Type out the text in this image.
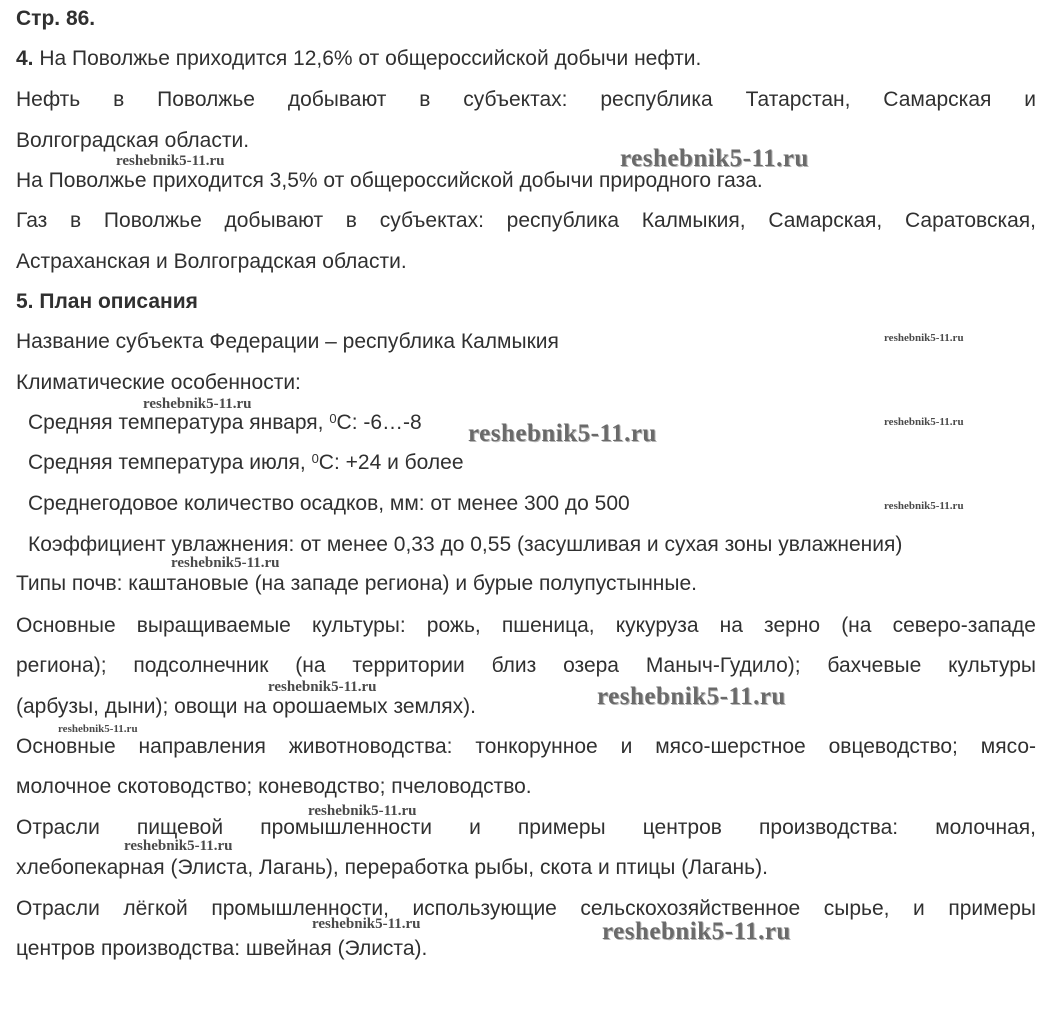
Стр. 86.
4. На Поволжье приходится 12,6% от общероссийской добычи нефти.
Нефть в Поволжье добывают в субъектах: республика Татарстан, Самарская и
Волгоградская области.
На Поволжье приходится 3,5% от общероссийской добычи природного газа.
Газ в Поволжье добывают в субъектах: республика Калмыкия, Самарская, Саратовская,
Астраханская и Волгоградская области.
5. План описания
Название субъекта Федерации – республика Калмыкия
Климатические особенности:
Средняя температура января, $^0$С: -6…-8
Средняя температура июля, $^0$С: +24 и более
Среднегодовое количество осадков, мм: от менее 300 до 500
Коэффициент увлажнения: от менее 0,33 до 0,55 (засушливая и сухая зоны увлажнения)
Типы почв: каштановые (на западе региона) и бурые полупустынные.
Основные выращиваемые культуры: рожь, пшеница, кукуруза на зерно (на северо-западе
региона); подсолнечник (на территории близ озера Маныч-Гудило); бахчевые культуры
(арбузы, дыни); овощи на орошаемых землях).
Основные направления животноводства: тонкорунное и мясо-шерстное овцеводство; мясо-
молочное скотоводство; коневодство; пчеловодство.
Отрасли пищевой промышленности и примеры центров производства: молочная,
хлебопекарная (Элиста, Лагань), переработка рыбы, скота и птицы (Лагань).
Отрасли лёгкой промышленности, использующие сельскохозяйственное сырье, и примеры
центров производства: швейная (Элиста).
reshebnik5-11.ru	reshebnik5-11.ru
reshebnik5-11.ru
reshebnik5-11.ru
reshebnik5-11.ru
reshebnik5-11.ru
reshebnik5-11.ru
reshebnik5-11.ru
reshebnik5-11.ru	reshebnik5-11.ru
reshebnik5-11.ru
reshebnik5-11.ru
reshebnik5-11.ru
reshebnik5-11.ru	reshebnik5-11.ru
